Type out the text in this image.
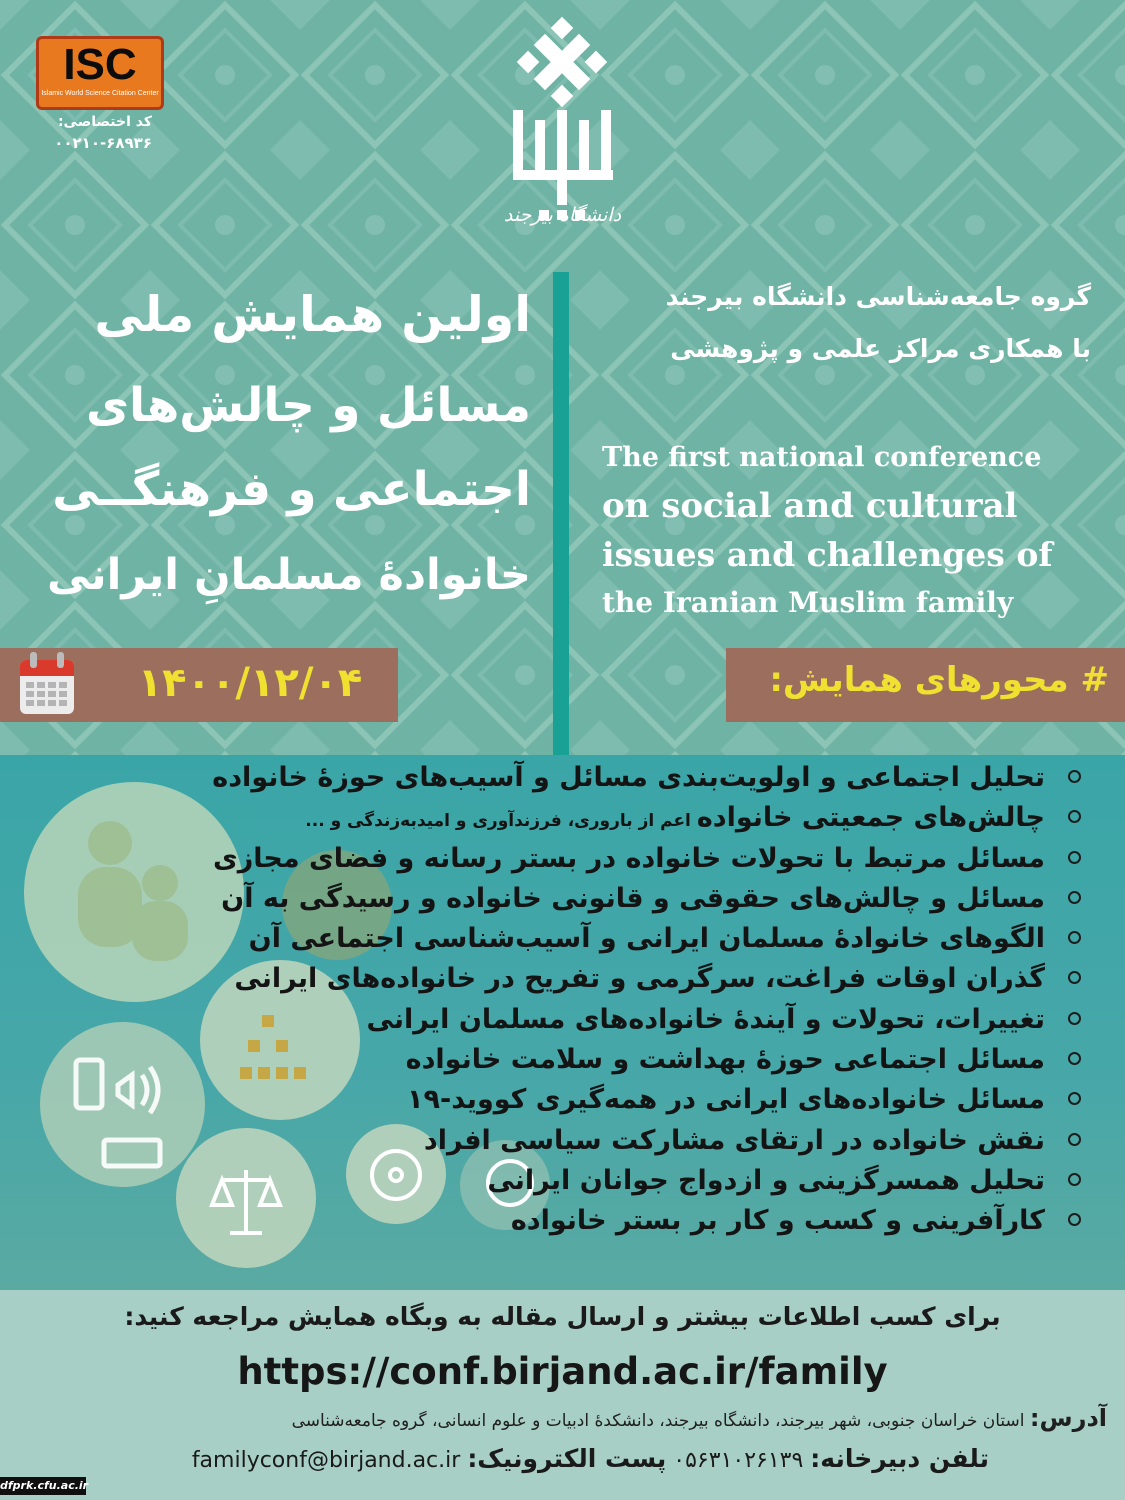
ISC
Islamic World Science Citation Center
کد اختصاصی:
۰۰۲۱۰-۶۸۹۳۶
دانشگاه بیرجند
گروه جامعه‌شناسی دانشگاه بیرجند
با همکاری مراکز علمی و پژوهشی
The first national conference
on social and cultural
issues and challenges of
the Iranian Muslim family
اولین همایش ملی
مسائل و چالش‌های
اجتماعی و فرهنگــی
خانوادۀ مسلمانِ ایرانی
۱۴۰۰/۱۲/۰۴	# محورهای همایش:
تحلیل اجتماعی و اولویت‌بندی مسائل و آسیب‌های حوزۀ خانواده
چالش‌های جمعیتی خانواده اعم از باروری، فرزندآوری و امیدبه‌زندگی و ...
مسائل مرتبط با تحولات خانواده در بستر رسانه و فضای مجازی
مسائل و چالش‌های حقوقی و قانونی خانواده و رسیدگی به آن
الگوهای خانوادۀ مسلمان ایرانی و آسیب‌شناسی اجتماعی آن
گذران اوقات فراغت، سرگرمی و تفریح در خانواده‌های ایرانی
تغییرات، تحولات و آیندۀ خانواده‌های مسلمان ایرانی
مسائل اجتماعی حوزۀ بهداشت و سلامت خانواده
مسائل خانواده‌های ایرانی در همه‌گیری کووید-۱۹
نقش خانواده در ارتقای مشارکت سیاسی افراد
تحلیل همسرگزینی و ازدواج جوانان ایرانی
کارآفرینی و کسب و کار بر بستر خانواده
برای کسب اطلاعات بیشتر و ارسال مقاله به وبگاه همایش مراجعه کنید:
https://conf.birjand.ac.ir/family
آدرس: استان خراسان جنوبی، شهر بیرجند، دانشگاه بیرجند، دانشکدۀ ادبیات و علوم انسانی، گروه جامعه‌شناسی
تلفن دبیرخانه: ۰۵۶۳۱۰۲۶۱۳۹ پست الکترونیک: familyconf@birjand.ac.ir
dfprk.cfu.ac.ir
